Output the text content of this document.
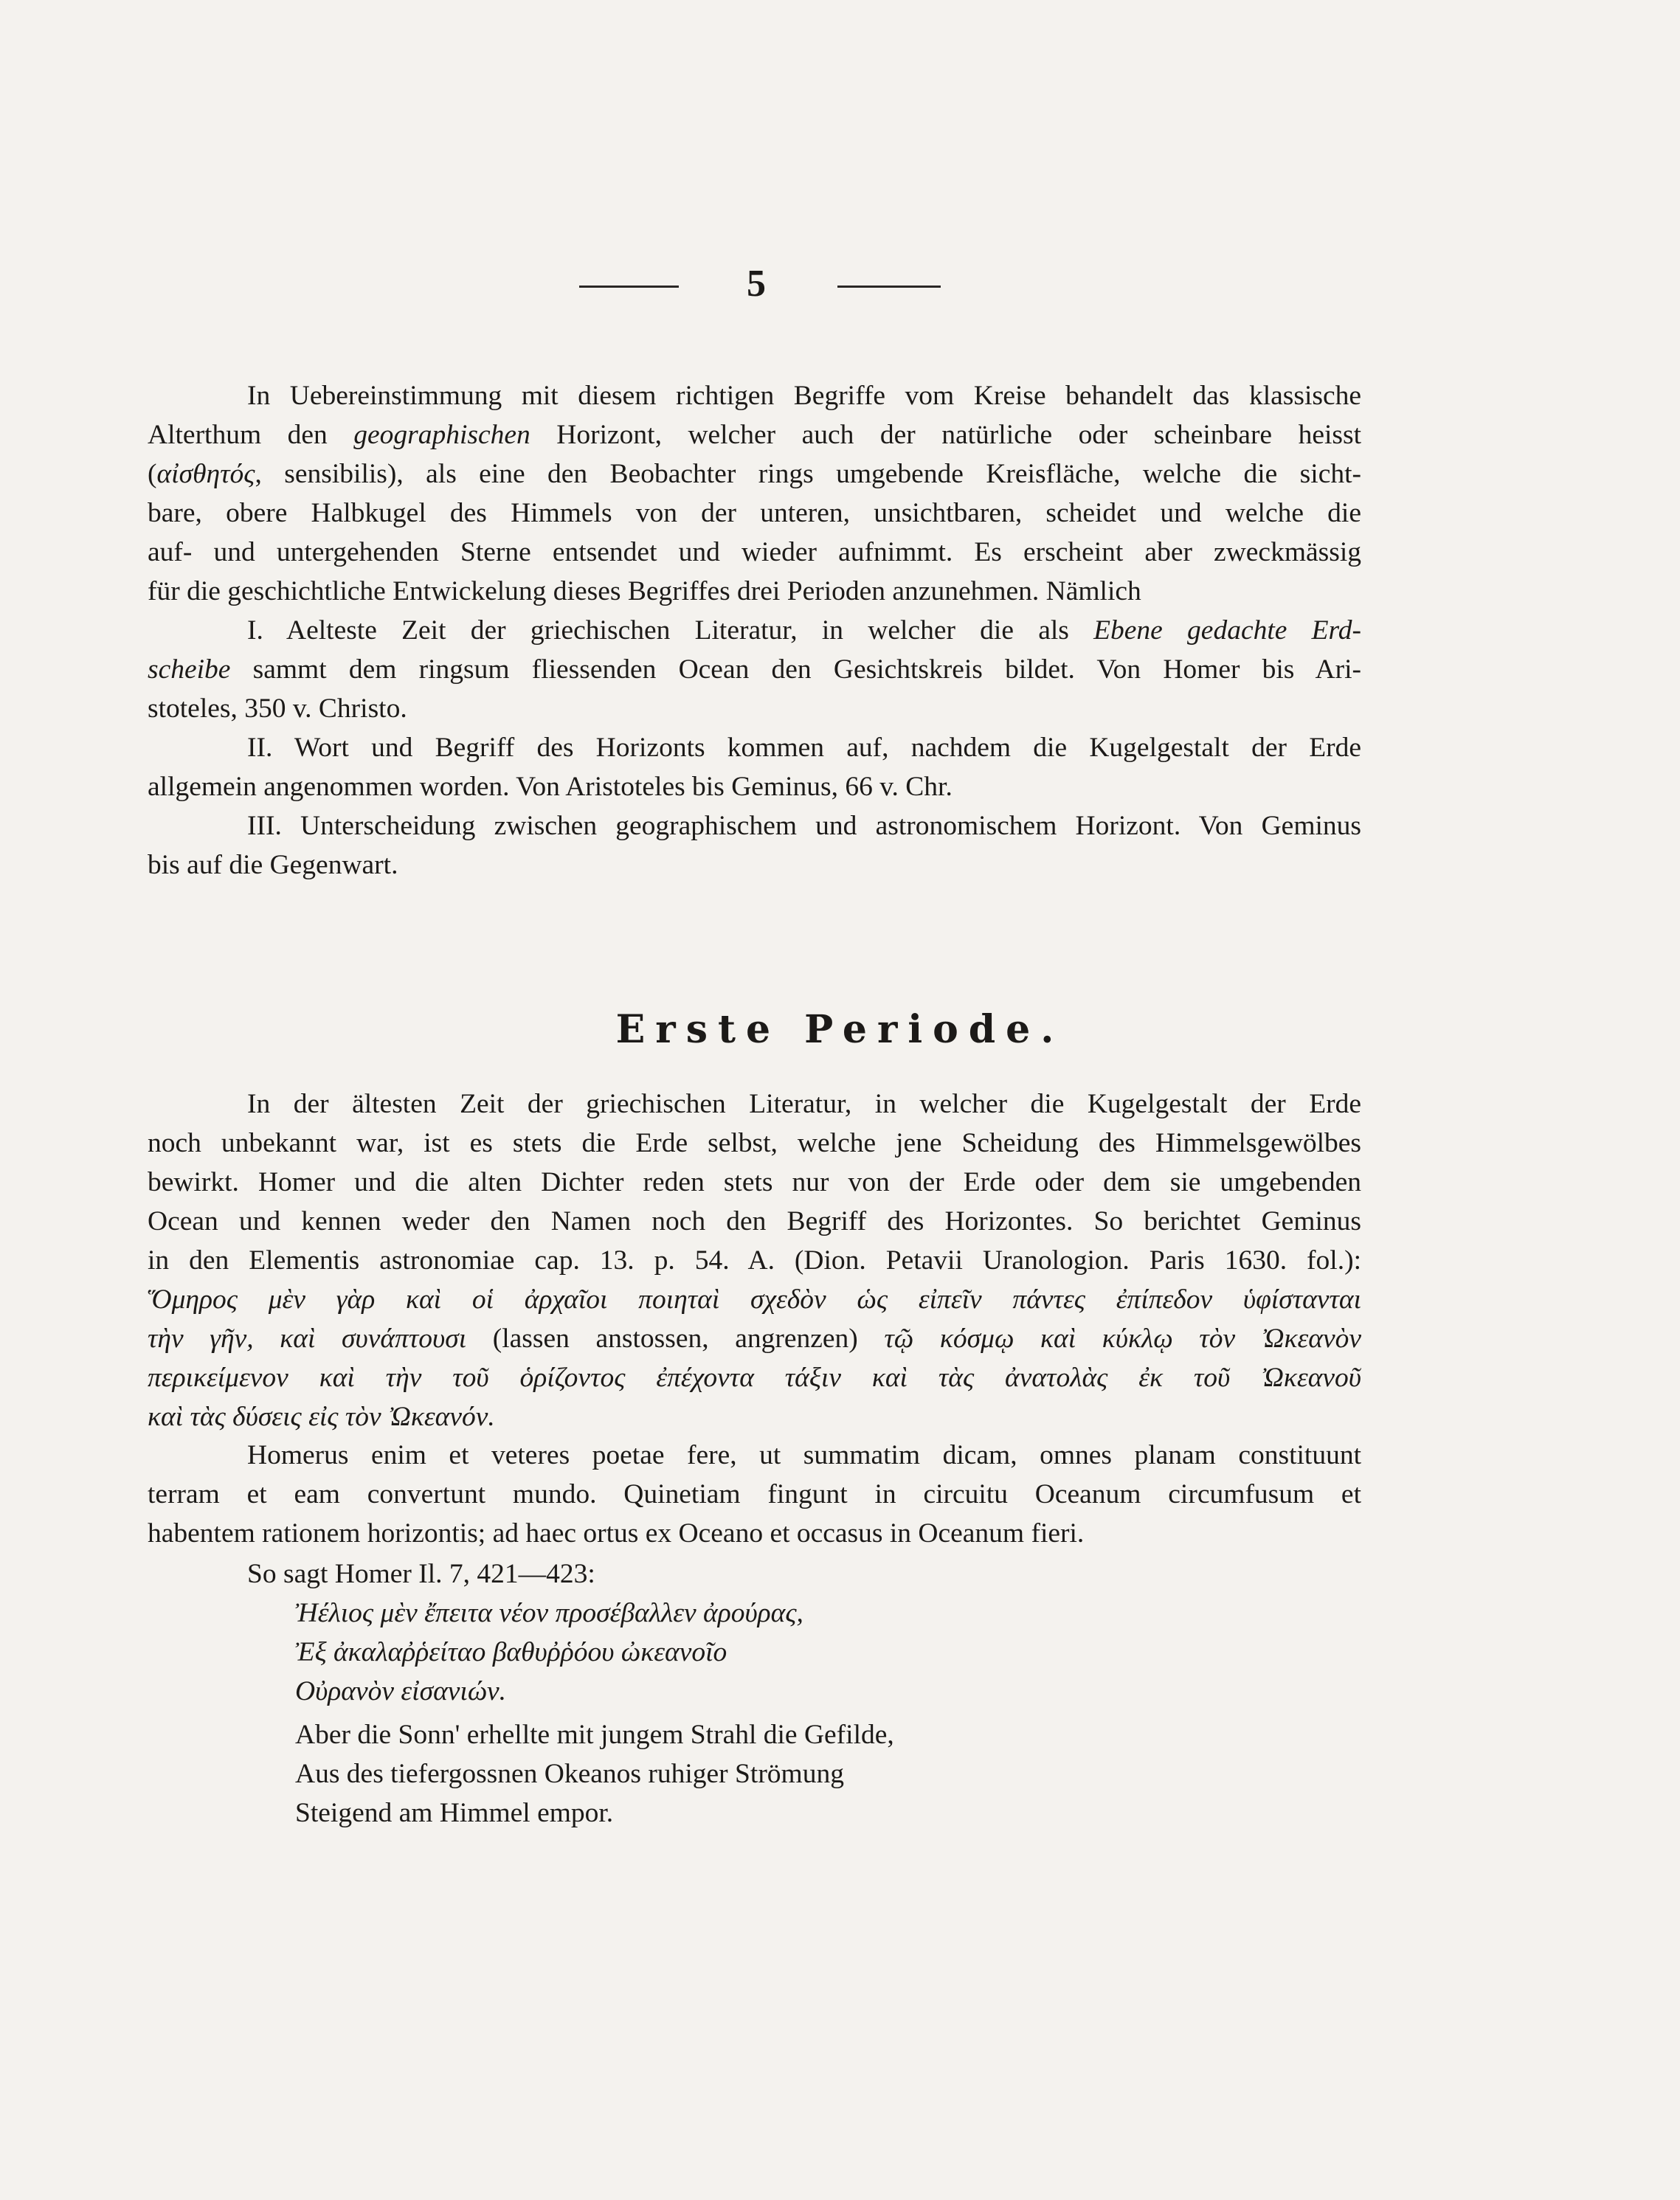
5
In Uebereinstimmung mit diesem richtigen Begriffe vom Kreise behandelt das klassische
Alterthum den geographischen Horizont, welcher auch der natürliche oder scheinbare heisst
(αἰσθητός, sensibilis), als eine den Beobachter rings umgebende Kreisfläche, welche die sicht-
bare, obere Halbkugel des Himmels von der unteren, unsichtbaren, scheidet und welche die
auf- und untergehenden Sterne entsendet und wieder aufnimmt. Es erscheint aber zweckmässig
für die geschichtliche Entwickelung dieses Begriffes drei Perioden anzunehmen. Nämlich
I. Aelteste Zeit der griechischen Literatur, in welcher die als Ebene gedachte Erd-
scheibe sammt dem ringsum fliessenden Ocean den Gesichtskreis bildet. Von Homer bis Ari-
stoteles, 350 v. Christo.
II. Wort und Begriff des Horizonts kommen auf, nachdem die Kugelgestalt der Erde
allgemein angenommen worden. Von Aristoteles bis Geminus, 66 v. Chr.
III. Unterscheidung zwischen geographischem und astronomischem Horizont. Von Geminus
bis auf die Gegenwart.
Erste Periode.
In der ältesten Zeit der griechischen Literatur, in welcher die Kugelgestalt der Erde
noch unbekannt war, ist es stets die Erde selbst, welche jene Scheidung des Himmelsgewölbes
bewirkt. Homer und die alten Dichter reden stets nur von der Erde oder dem sie umgebenden
Ocean und kennen weder den Namen noch den Begriff des Horizontes. So berichtet Geminus
in den Elementis astronomiae cap. 13. p. 54. A. (Dion. Petavii Uranologion. Paris 1630. fol.):
Ὅμηρος μὲν γὰρ καὶ οἱ ἀρχαῖοι ποιηταὶ σχεδὸν ὡς εἰπεῖν πάντες ἐπίπεδον ὑφίστανται
τὴν γῆν, καὶ συνάπτουσι (lassen anstossen, angrenzen) τῷ κόσμῳ καὶ κύκλῳ τὸν Ὠκεανὸν
περικείμενον καὶ τὴν τοῦ ὁρίζοντος ἐπέχοντα τάξιν καὶ τὰς ἀνατολὰς ἐκ τοῦ Ὠκεανοῦ
καὶ τὰς δύσεις εἰς τὸν Ὠκεανόν.
Homerus enim et veteres poetae fere, ut summatim dicam, omnes planam constituunt
terram et eam convertunt mundo. Quinetiam fingunt in circuitu Oceanum circumfusum et
habentem rationem horizontis; ad haec ortus ex Oceano et occasus in Oceanum fieri.
So sagt Homer Il. 7, 421—423:
Ἠέλιος μὲν ἔπειτα νέον προσέβαλλεν ἀρούρας,
Ἐξ ἀκαλαῤῥείταο βαθυῤῥόου ὠκεανοῖο
Οὐρανὸν εἰσανιών.
Aber die Sonn' erhellte mit jungem Strahl die Gefilde,
Aus des tiefergossnen Okeanos ruhiger Strömung
Steigend am Himmel empor.
